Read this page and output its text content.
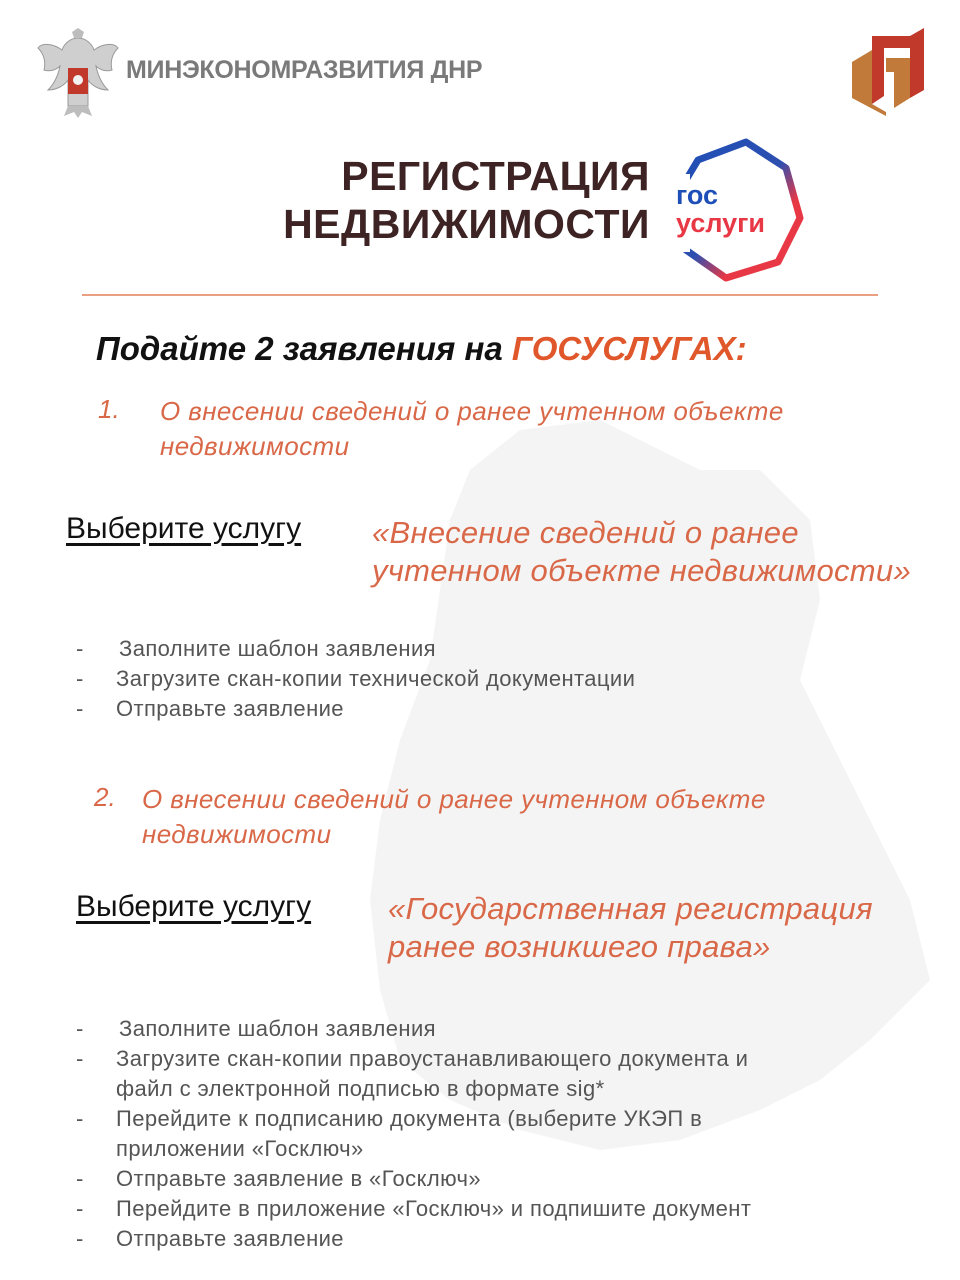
МИНЭКОНОМРАЗВИТИЯ ДНР
РЕГИСТРАЦИЯ
НЕДВИЖИМОСТИ
гос
услуги
Подайте 2 заявления на ГОСУСЛУГАХ:
1. О внесении сведений о ранее учтенном объекте
недвижимости
Выберите услугу «Внесение сведений о ранее
учтенном объекте недвижимости»
- Заполните шаблон заявления
- Загрузите скан-копии технической документации
- Отправьте заявление
2. О внесении сведений о ранее учтенном объекте
недвижимости
Выберите услугу «Государственная регистрация
ранее возникшего права»
- Заполните шаблон заявления
- Загрузите скан-копии правоустанавливающего документа и
файл с электронной подписью в формате sig*
- Перейдите к подписанию документа (выберите УКЭП в
приложении «Госключ»
- Отправьте заявление в «Госключ»
- Перейдите в приложение «Госключ» и подпишите документ
- Отправьте заявление
